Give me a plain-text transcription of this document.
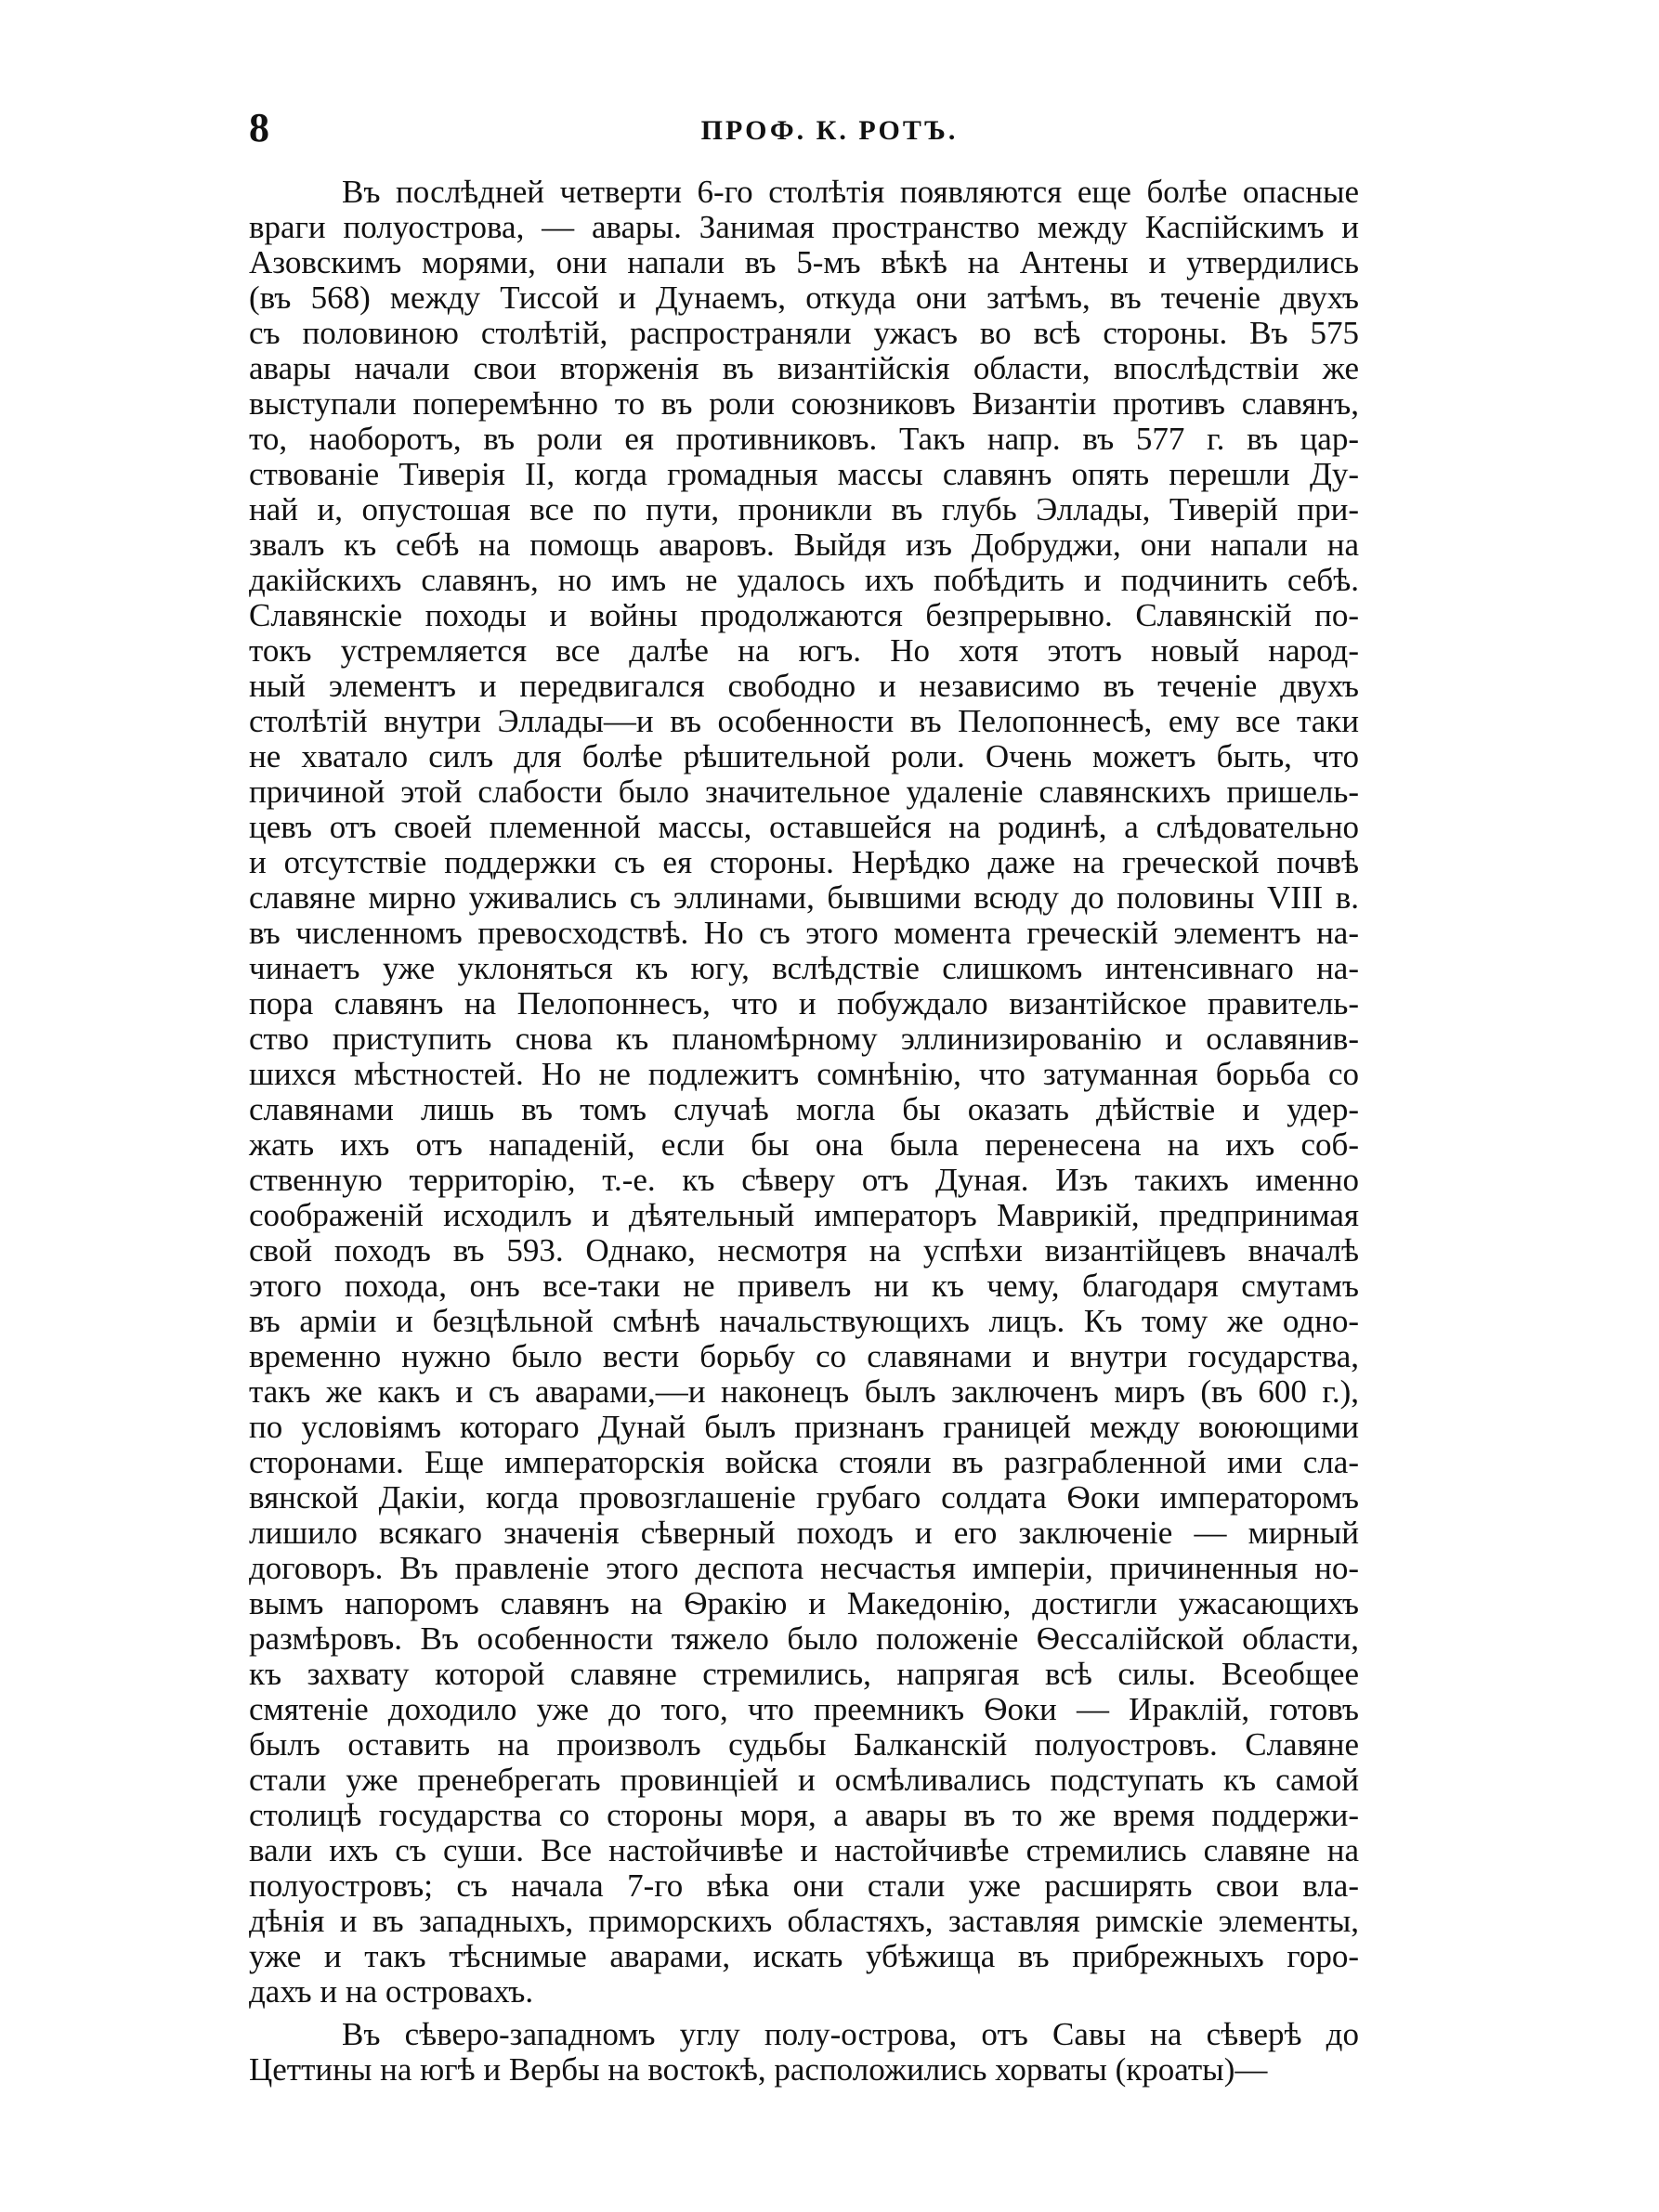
8	ПРОФ. К. РОТЪ.
Въ послѣдней четверти 6-го столѣтія появляются еще болѣе опасные
враги полуострова, — авары. Занимая пространство между Каспійскимъ и
Азовскимъ морями, они напали въ 5-мъ вѣкѣ на Антены и утвердились
(въ 568) между Тиссой и Дунаемъ, откуда они затѣмъ, въ теченіе двухъ
съ половиною столѣтій, распространяли ужасъ во всѣ стороны. Въ 575
авары начали свои вторженія въ византійскія области, впослѣдствіи же
выступали поперемѣнно то въ роли союзниковъ Византіи противъ славянъ,
то, наоборотъ, въ роли ея противниковъ. Такъ напр. въ 577 г. въ цар-
ствованіе Тиверія II, когда громадныя массы славянъ опять перешли Ду-
най и, опустошая все по пути, проникли въ глубь Эллады, Тиверій при-
звалъ къ себѣ на помощь аваровъ. Выйдя изъ Добруджи, они напали на
дакійскихъ славянъ, но имъ не удалось ихъ побѣдить и подчинить себѣ.
Славянскіе походы и войны продолжаются безпрерывно. Славянскій по-
токъ устремляется все далѣе на югъ. Но хотя этотъ новый народ-
ный элементъ и передвигался свободно и независимо въ теченіе двухъ
столѣтій внутри Эллады—и въ особенности въ Пелопоннесѣ, ему все таки
не хватало силъ для болѣе рѣшительной роли. Очень можетъ быть, что
причиной этой слабости было значительное удаленіе славянскихъ пришель-
цевъ отъ своей племенной массы, оставшейся на родинѣ, а слѣдовательно
и отсутствіе поддержки съ ея стороны. Нерѣдко даже на греческой почвѣ
славяне мирно уживались съ эллинами, бывшими всюду до половины VIII в.
въ численномъ превосходствѣ. Но съ этого момента греческій элементъ на-
чинаетъ уже уклоняться къ югу, вслѣдствіе слишкомъ интенсивнаго на-
пора славянъ на Пелопоннесъ, что и побуждало византійское правитель-
ство приступить снова къ планомѣрному эллинизированію и ославянив-
шихся мѣстностей. Но не подлежитъ сомнѣнію, что затуманная борьба со
славянами лишь въ томъ случаѣ могла бы оказать дѣйствіе и удер-
жать ихъ отъ нападеній, если бы она была перенесена на ихъ соб-
ственную территорію, т.-е. къ сѣверу отъ Дуная. Изъ такихъ именно
соображеній исходилъ и дѣятельный императоръ Маврикій, предпринимая
свой походъ въ 593. Однако, несмотря на успѣхи византійцевъ вначалѣ
этого похода, онъ все-таки не привелъ ни къ чему, благодаря смутамъ
въ арміи и безцѣльной смѣнѣ начальствующихъ лицъ. Къ тому же одно-
временно нужно было вести борьбу со славянами и внутри государства,
такъ же какъ и съ аварами,—и наконецъ былъ заключенъ миръ (въ 600 г.),
по условіямъ котораго Дунай былъ признанъ границей между воюющими
сторонами. Еще императорскія войска стояли въ разграбленной ими сла-
вянской Дакіи, когда провозглашеніе грубаго солдата Ѳоки императоромъ
лишило всякаго значенія сѣверный походъ и его заключеніе — мирный
договоръ. Въ правленіе этого деспота несчастья имперіи, причиненныя но-
вымъ напоромъ славянъ на Ѳракію и Македонію, достигли ужасающихъ
размѣровъ. Въ особенности тяжело было положеніе Ѳессалійской области,
къ захвату которой славяне стремились, напрягая всѣ силы. Всеобщее
смятеніе доходило уже до того, что преемникъ Ѳоки — Ираклій, готовъ
былъ оставить на произволъ судьбы Балканскій полуостровъ. Славяне
стали уже пренебрегать провинціей и осмѣливались подступать къ самой
столицѣ государства со стороны моря, а авары въ то же время поддержи-
вали ихъ съ суши. Все настойчивѣе и настойчивѣе стремились славяне на
полуостровъ; съ начала 7-го вѣка они стали уже расширять свои вла-
дѣнія и въ западныхъ, приморскихъ областяхъ, заставляя римскіе элементы,
уже и такъ тѣснимые аварами, искать убѣжища въ прибрежныхъ горо-
дахъ и на островахъ.
Въ сѣверо-западномъ углу полу-острова, отъ Савы на сѣверѣ до
Цеттины на югѣ и Вербы на востокѣ, расположились хорваты (кроаты)—
